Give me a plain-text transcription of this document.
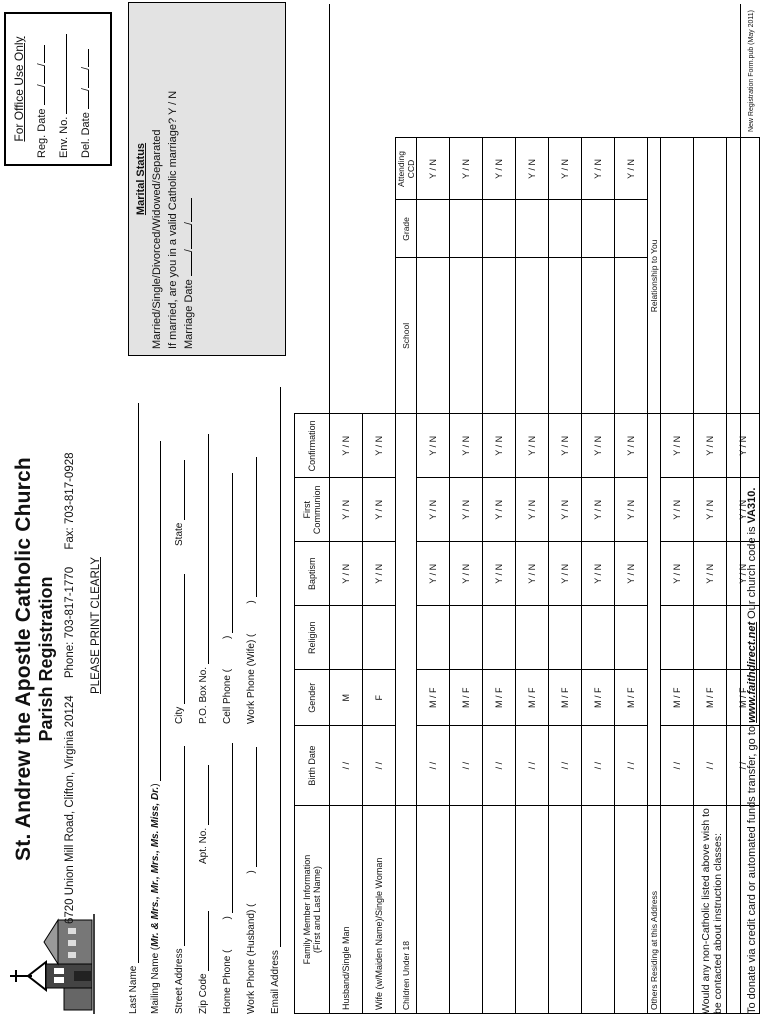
St. Andrew the Apostle Catholic Church Parish Registration
6720 Union Mill Road, Clifton, Virginia 20124 Phone: 703-817-1770 Fax: 703-817-0928
PLEASE PRINT CLEARLY
For Office Use Only Reg. Date //
Env. No. Del. Date //
Last Name Mailing Name (Mr. & Mrs., Mr., Mrs., Ms. Miss, Dr.)
Street Address
City
State
Zip Code
Apt. No.
P.O. Box No.
Home Phone ()
Cell Phone ()
Work Phone (Husband) ()
Work Phone (Wife) ()
Email Address
Marital Status Married/Single/Divorced/Widowed/Separated If married, are you in a valid Catholic marriage? Y / N Marriage Date //
Family Member Information
(First and Last Name)	Birth Date	Gender	Religion	Baptism	First Communion	Confirmation				
Husband/Single Man	/ /	M		Y / N	Y / N	Y / N				
Wife (w/Maiden Name)/Single Woman	/ /	F		Y / N	Y / N	Y / N				
Children Under 18							School	Grade	Attending CCD	
	/ /	M / F		Y / N	Y / N	Y / N			Y / N	
	/ /	M / F		Y / N	Y / N	Y / N			Y / N	
	/ /	M / F		Y / N	Y / N	Y / N			Y / N	
	/ /	M / F		Y / N	Y / N	Y / N			Y / N	
	/ /	M / F		Y / N	Y / N	Y / N			Y / N	
	/ /	M / F		Y / N	Y / N	Y / N			Y / N	
	/ /	M / F		Y / N	Y / N	Y / N			Y / N	
Others Residing at this Address							Relationship to You			
	/ /	M / F		Y / N	Y / N	Y / N				
	/ /	M / F		Y / N	Y / N	Y / N				
	/ /	M / F		Y / N	Y / N	Y / N				
Would any non-Catholic listed above wish to be contacted about instruction classes: To donate via credit card or automated funds transfer, go to www.faithdirect.net Our church code is VA310.
New Registration Form.pub (May 2011)
